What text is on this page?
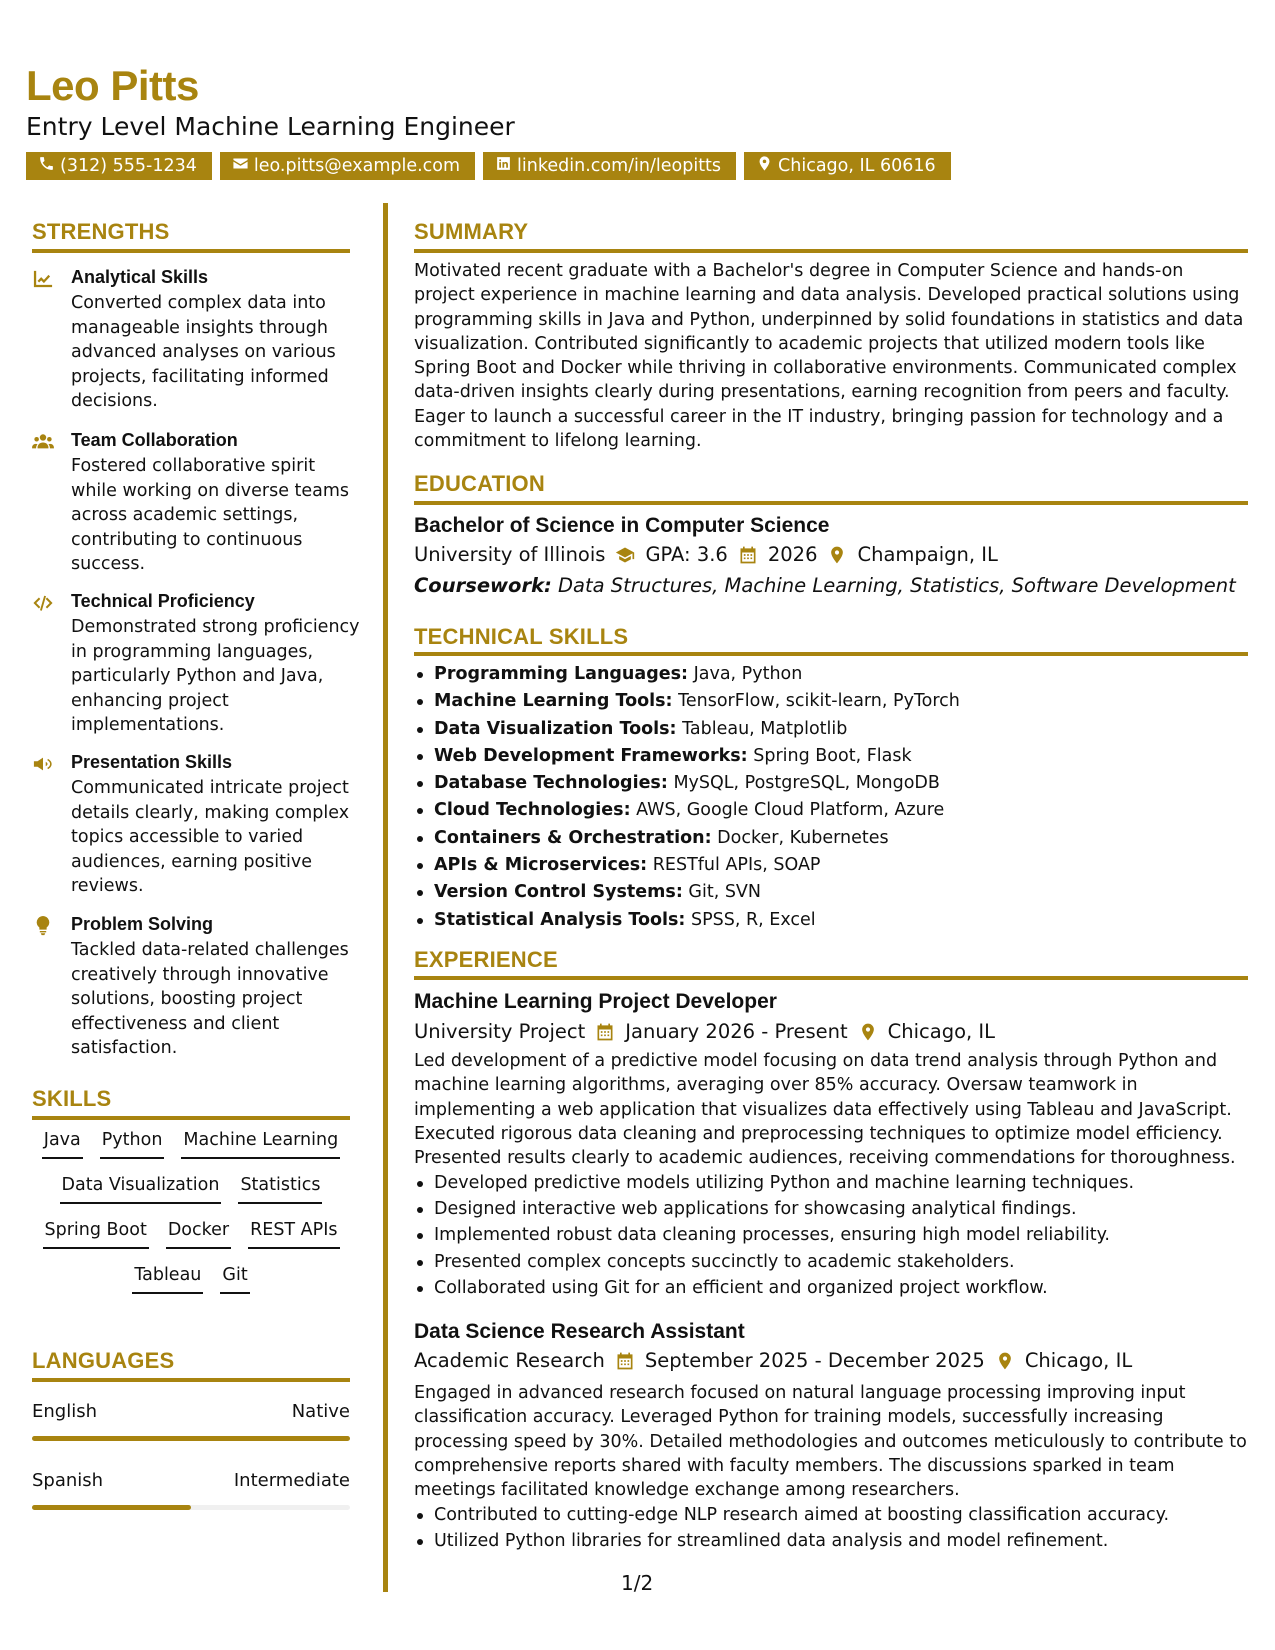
Leo Pitts
Entry Level Machine Learning Engineer
(312) 555-1234	leo.pitts@example.com	linkedin.com/in/leopitts	Chicago, IL 60616
STRENGTHS
Analytical Skills
Converted complex data into manageable insights through advanced analyses on various projects, facilitating informed decisions.
Team Collaboration
Fostered collaborative spirit while working on diverse teams across academic settings, contributing to continuous success.
Technical Proficiency
Demonstrated strong proficiency in programming languages, particularly Python and Java, enhancing project implementations.
Presentation Skills
Communicated intricate project details clearly, making complex topics accessible to varied audiences, earning positive reviews.
Problem Solving
Tackled data-related challenges creatively through innovative solutions, boosting project effectiveness and client satisfaction.
SKILLS
Java Python Machine Learning
Data Visualization Statistics
Spring Boot Docker REST APIs
Tableau Git
LANGUAGES
English	Native
Spanish	Intermediate
SUMMARY
Motivated recent graduate with a Bachelor's degree in Computer Science and hands-on project experience in machine learning and data analysis. Developed practical solutions using programming skills in Java and Python, underpinned by solid foundations in statistics and data visualization. Contributed significantly to academic projects that utilized modern tools like Spring Boot and Docker while thriving in collaborative environments. Communicated complex data-driven insights clearly during presentations, earning recognition from peers and faculty. Eager to launch a successful career in the IT industry, bringing passion for technology and a commitment to lifelong learning.
EDUCATION
Bachelor of Science in Computer Science
University of Illinois GPA: 3.6 2026 Champaign, IL
Coursework: Data Structures, Machine Learning, Statistics, Software Development
TECHNICAL SKILLS
Programming Languages: Java, Python
Machine Learning Tools: TensorFlow, scikit-learn, PyTorch
Data Visualization Tools: Tableau, Matplotlib
Web Development Frameworks: Spring Boot, Flask
Database Technologies: MySQL, PostgreSQL, MongoDB
Cloud Technologies: AWS, Google Cloud Platform, Azure
Containers & Orchestration: Docker, Kubernetes
APIs & Microservices: RESTful APIs, SOAP
Version Control Systems: Git, SVN
Statistical Analysis Tools: SPSS, R, Excel
EXPERIENCE
Machine Learning Project Developer
University Project January 2026 - Present Chicago, IL
Led development of a predictive model focusing on data trend analysis through Python and machine learning algorithms, averaging over 85% accuracy. Oversaw teamwork in implementing a web application that visualizes data effectively using Tableau and JavaScript. Executed rigorous data cleaning and preprocessing techniques to optimize model efficiency. Presented results clearly to academic audiences, receiving commendations for thoroughness.
Developed predictive models utilizing Python and machine learning techniques.
Designed interactive web applications for showcasing analytical findings.
Implemented robust data cleaning processes, ensuring high model reliability.
Presented complex concepts succinctly to academic stakeholders.
Collaborated using Git for an efficient and organized project workflow.
Data Science Research Assistant
Academic Research September 2025 - December 2025 Chicago, IL
Engaged in advanced research focused on natural language processing improving input classification accuracy. Leveraged Python for training models, successfully increasing processing speed by 30%. Detailed methodologies and outcomes meticulously to contribute to comprehensive reports shared with faculty members. The discussions sparked in team meetings facilitated knowledge exchange among researchers.
Contributed to cutting-edge NLP research aimed at boosting classification accuracy.
Utilized Python libraries for streamlined data analysis and model refinement.
1/2
